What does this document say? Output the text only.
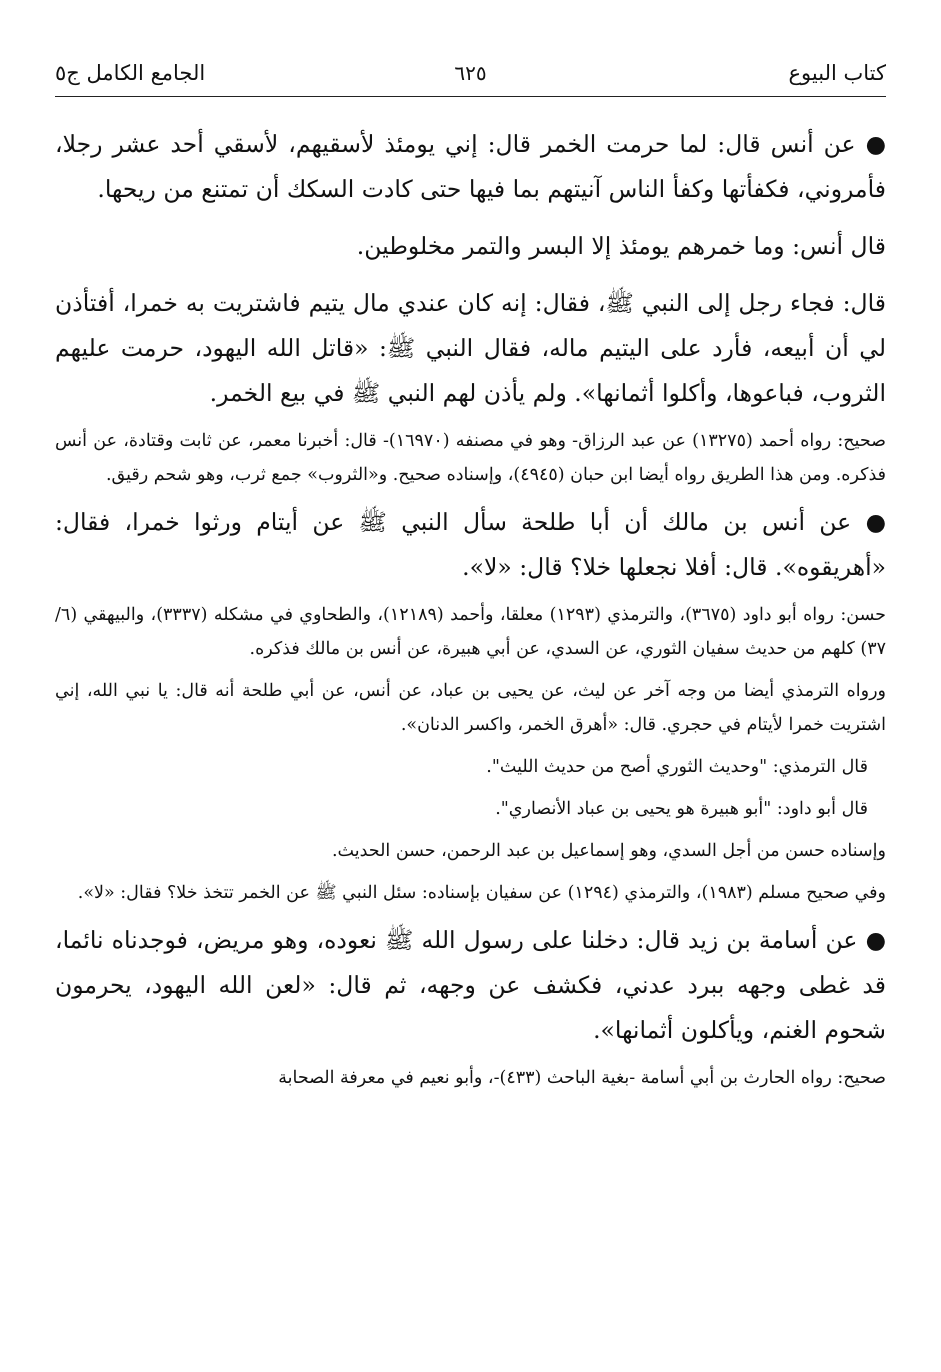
كتاب البيوع
٦٢٥
الجامع الكامل ج٥

● عن أنس قال: لما حرمت الخمر قال: إني يومئذ لأسقيهم، لأسقي أحد عشر رجلا، فأمروني، فكفأتها وكفأ الناس آنيتهم بما فيها حتى كادت السكك أن تمتنع من ريحها.

قال أنس: وما خمرهم يومئذ إلا البسر والتمر مخلوطين.

قال: فجاء رجل إلى النبي ﷺ، فقال: إنه كان عندي مال يتيم فاشتريت به خمرا، أفتأذن لي أن أبيعه، فأرد على اليتيم ماله، فقال النبي ﷺ: «قاتل الله اليهود، حرمت عليهم الثروب، فباعوها، وأكلوا أثمانها». ولم يأذن لهم النبي ﷺ في بيع الخمر.

صحيح: رواه أحمد (١٣٢٧٥) عن عبد الرزاق- وهو في مصنفه (١٦٩٧٠)- قال: أخبرنا معمر، عن ثابت وقتادة، عن أنس فذكره. ومن هذا الطريق رواه أيضا ابن حبان (٤٩٤٥)، وإسناده صحيح. و«الثروب» جمع ثرب، وهو شحم رقيق.

● عن أنس بن مالك أن أبا طلحة سأل النبي ﷺ عن أيتام ورثوا خمرا، فقال: «أهريقوه». قال: أفلا نجعلها خلا؟ قال: «لا».

حسن: رواه أبو داود (٣٦٧٥)، والترمذي (١٢٩٣) معلقا، وأحمد (١٢١٨٩)، والطحاوي في مشكله (٣٣٣٧)، والبيهقي (٦/ ٣٧) كلهم من حديث سفيان الثوري، عن السدي، عن أبي هبيرة، عن أنس بن مالك فذكره.

ورواه الترمذي أيضا من وجه آخر عن ليث، عن يحيى بن عباد، عن أنس، عن أبي طلحة أنه قال: يا نبي الله، إني اشتريت خمرا لأيتام في حجري. قال: «أهرق الخمر، واكسر الدنان».

قال الترمذي: "وحديث الثوري أصح من حديث الليث".

قال أبو داود: "أبو هبيرة هو يحيى بن عباد الأنصاري".

وإسناده حسن من أجل السدي، وهو إسماعيل بن عبد الرحمن، حسن الحديث.

وفي صحيح مسلم (١٩٨٣)، والترمذي (١٢٩٤) عن سفيان بإسناده: سئل النبي ﷺ عن الخمر تتخذ خلا؟ فقال: «لا».

● عن أسامة بن زيد قال: دخلنا على رسول الله ﷺ نعوده، وهو مريض، فوجدناه نائما، قد غطى وجهه ببرد عدني، فكشف عن وجهه، ثم قال: «لعن الله اليهود، يحرمون شحوم الغنم، ويأكلون أثمانها».

صحيح: رواه الحارث بن أبي أسامة -بغية الباحث (٤٣٣)-، وأبو نعيم في معرفة الصحابة
